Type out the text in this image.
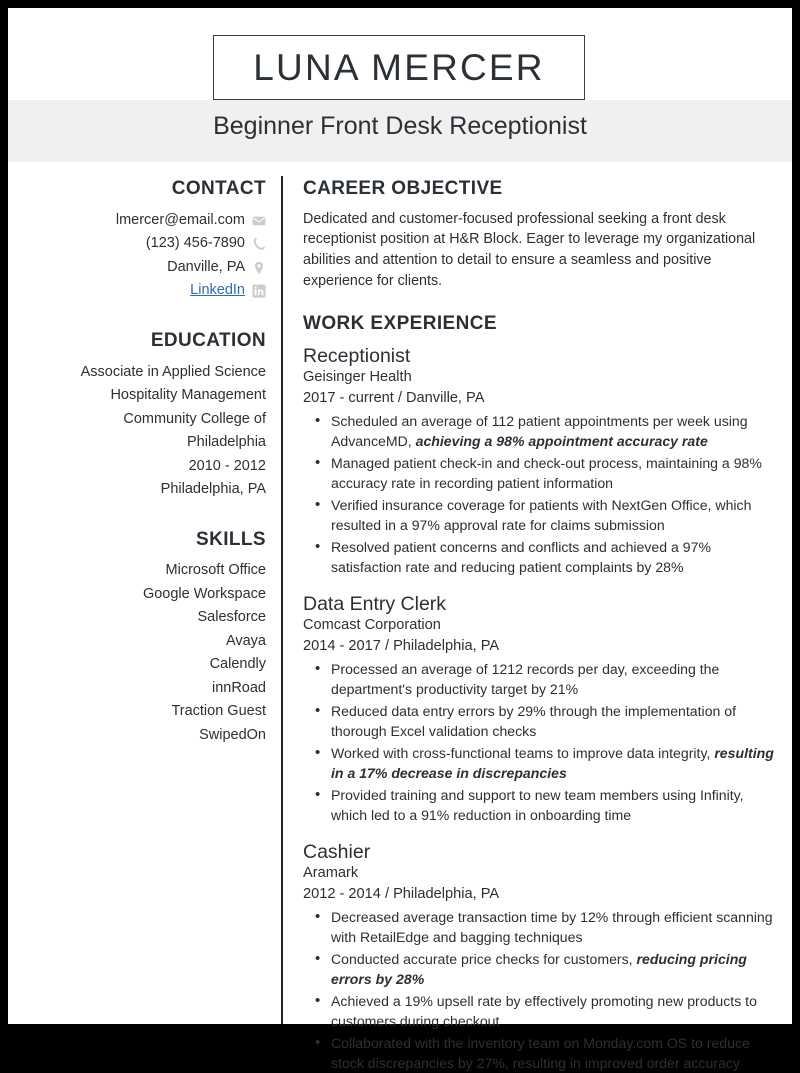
LUNA MERCER
Beginner Front Desk Receptionist
CONTACT
lmercer@email.com
(123) 456-7890
Danville, PA
LinkedIn
EDUCATION
Associate in Applied Science
Hospitality Management
Community College of
Philadelphia
2010 - 2012
Philadelphia, PA
SKILLS
Microsoft Office
Google Workspace
Salesforce
Avaya
Calendly
innRoad
Traction Guest
SwipedOn
CAREER OBJECTIVE

Dedicated and customer-focused professional seeking a front desk receptionist position at H&R Block. Eager to leverage my organizational abilities and attention to detail to ensure a seamless and positive experience for clients.

WORK EXPERIENCE

Receptionist

Geisinger Health

2017 - current / Danville, PA

• Scheduled an average of 112 patient appointments per week using AdvanceMD, achieving a 98% appointment accuracy rate
• Managed patient check-in and check-out process, maintaining a 98% accuracy rate in recording patient information
• Verified insurance coverage for patients with NextGen Office, which resulted in a 97% approval rate for claims submission
• Resolved patient concerns and conflicts and achieved a 97% satisfaction rate and reducing patient complaints by 28%

Data Entry Clerk

Comcast Corporation

2014 - 2017 / Philadelphia, PA

• Processed an average of 1212 records per day, exceeding the department's productivity target by 21%
• Reduced data entry errors by 29% through the implementation of thorough Excel validation checks
• Worked with cross-functional teams to improve data integrity, resulting in a 17% decrease in discrepancies
• Provided training and support to new team members using Infinity, which led to a 91% reduction in onboarding time

Cashier

Aramark

2012 - 2014 / Philadelphia, PA

• Decreased average transaction time by 12% through efficient scanning with RetailEdge and bagging techniques
• Conducted accurate price checks for customers, reducing pricing errors by 28%
• Achieved a 19% upsell rate by effectively promoting new products to customers during checkout
• Collaborated with the inventory team on Monday.com OS to reduce stock discrepancies by 27%, resulting in improved order accuracy
